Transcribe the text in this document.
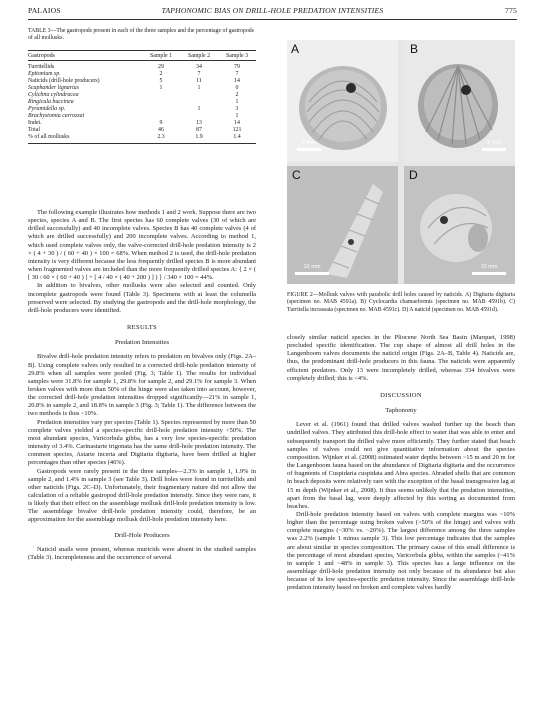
PALAIOS	TAPHONOMIC BIAS ON DRILL-HOLE PREDATION INTENSITIES	775
TABLE 3—The gastropods present in each of the three samples and the percentage of gastropods of all mollusks.
Gastropods	Sample 1	Sample 2	Sample 3
Turritellids	29	34	79
Epitonium sp.	2	7	7
Naticids (drill-hole producers)	5	11	14
Scaphander lignarius	1	1	0
Cylichna cylindracea			2
Ringicula buccinea			1
Pyramidella sp.		1	3
Brachystomia carrozzai			1
Indet.	9	13	14
Total	46	87	121
% of all mollusks	2.3	1.9	1.4
A
2 mm
B
2 mm
C
10 mm
D
10 mm
FIGURE 2—Mollusk valves with parabolic drill holes caused by naticids. A) Digitaria digitaria (specimen no. MAB 4591a). B) Cyclocardia chamaeformis (specimen no. MAB 4591b). C) Turritella incrassata (specimen no. MAB 4591c). D) A naticid (specimen no. MAB 4591d).

The following example illustrates how methods 1 and 2 work. Suppose there are two species, species A and B. The first species has 60 complete valves (30 of which are drilled successfully) and 40 incomplete valves. Species B has 40 complete valves (4 of which are drilled successfully) and 200 incomplete valves. According to method 1, which used complete valves only, the valve-corrected drill-hole predation intensity is 2 × ( 4 + 30 ) / ( 60 + 40 ) × 100 = 68%. When method 2 is used, the drill-hole predation intensity is very different because the less frequently drilled species B is more abundant when fragmented valves are included than the more frequently drilled species A: { 2 × ( [ 30 / 60 × ( 60 + 40 ) ] + [ 4 / 40 × ( 40 + 200 ) ] ) } / 340 × 100 = 44%.

In addition to bivalves, other mollusks were also selected and counted. Only incomplete gastropods were found (Table 3). Specimens with at least the columella preserved were selected. By studying the gastropods and the drill-hole morphology, the drill-hole producers were identified.

RESULTS
Predation Intensities

Bivalve drill-hole predation intensity refers to predation on bivalves only (Figs. 2A–B). Using complete valves only resulted in a corrected drill-hole predation intensity of 29.8% when all samples were pooled (Fig. 3; Table 1). The results for individual samples were 31.8% for sample 1, 29.8% for sample 2, and 29.1% for sample 3. When broken valves with more than 50% of the hinge were also taken into account, however, the corrected drill-hole predation intensities dropped significantly—21% in sample 1, 20.8% in sample 2, and 18.8% in sample 3 (Fig. 3; Table 1). The difference between the two methods is thus ~10%.

Predation intensities vary per species (Table 1). Species represented by more than 50 complete valves yielded a species-specific drill-hole predation intensity <50%. The most abundant species, Varicorbula gibba, has a very low species-specific predation intensity of 3.4%. Carinastarte trigonata has the same drill-hole predation intensity. The common species, Astarte incerta and Digitaria digitaria, have been drilled at higher percentages than other species (46%).

Gastropods were rarely present in the three samples—2.3% in sample 1, 1.9% in sample 2, and 1.4% in sample 3 (see Table 3). Drill holes were found in turritellids and other naticids (Figs. 2C–D). Unfortunately, their fragmentary nature did not allow the calculation of a reliable gastropod drill-hole predation intensity. Since they were rare, it is likely that their effect on the assemblage mollusk drill-hole predation intensity is low. The assemblage bivalve drill-hole predation intensity could, therefore, be an approximation for the assemblage mollusk drill-hole predation intensity here.

Drill-Hole Producers

Naticid snails were present, whereas muricids were absent in the studied samples (Table 3). Incompleteness and the occurrence of several

closely similar naticid species in the Pliocene North Sea Basin (Marquet, 1998) precluded specific identification. The cup shape of almost all drill holes in the Langenboom valves documents the naticid origin (Figs. 2A–B, Table 4). Naticids are, thus, the predominant drill-hole producers in this fauna. The naticids were apparently efficient predators. Only 13 were incompletely drilled, whereas 334 bivalves were completely drilled; this is <4%.

DISCUSSION
Taphonomy

Lever et al. (1961) found that drilled valves washed further up the beach than undrilled valves. They attributed this drill-hole effect to water that was able to enter and subsequently transport the drilled valve more efficiently. They further stated that beach samples of valves could not give quantitative information about the species composition. Wijnker et al. (2008) estimated water depths between ~15 m and 20 m for the Langenboom fauna based on the abundance of Digitaria digitaria and the occurrence of fragments of Cuspidaria cuspidata and Abra species. Abraded shells that are common in beach deposits were relatively rare with the exception of the basal transgressive lag at 15 m depth (Wijnker et al., 2008). It thus seems unlikely that the predation intensities, apart from the basal lag, were deeply affected by this sorting as documented from beaches.

Drill-hole predation intensity based on valves with complete margins was ~10% higher than the percentage using broken valves (>50% of the hinge) and valves with complete margins (~30% vs. ~20%). The largest difference among the three samples was 2.2% (sample 1 minus sample 3). This low percentage indicates that the samples are about similar in species composition. The primary cause of this small difference is the percentage of most abundant species, Varicorbula gibba, within the samples (~41% in sample 1 and ~48% in sample 3). This species has a large influence on the assemblage drill-hole predation intensity not only because of its abundance but also because of its low species-specific predation intensity. Since the assemblage drill-hole predation intensity based on broken and complete valves hardly
